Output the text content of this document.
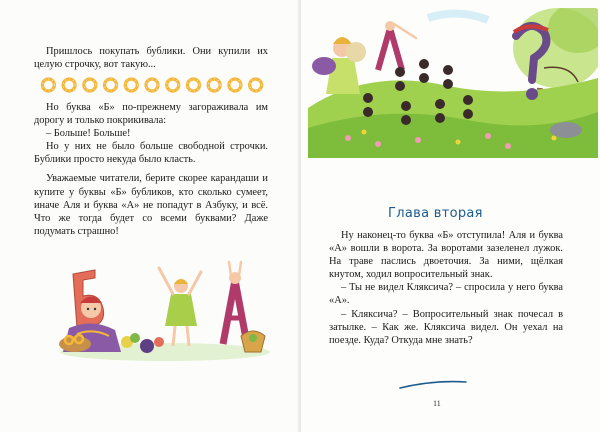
Пришлось покупать бублики. Они купили их целую строчку, вот такую...

Но буква «Б» по-прежнему загораживала им дорогу и только покрикивала:

– Больше! Больше!

Но у них не было больше свободной строчки. Бублики просто некуда было класть.

Уважаемые читатели, берите скорее карандаши и купите у буквы «Б» бубликов, кто сколько сумеет, иначе Аля и буква «А» не попадут в Азбуку, и всё. Что же тогда будет со всеми буквами? Даже подумать страшно!

Глава вторая

Ну наконец-то буква «Б» отступила! Аля и буква «А» вошли в ворота. За воротами зазеленел лужок. На траве паслись двоеточия. За ними, щёлкая кнутом, ходил вопросительный знак.

– Ты не видел Кляксича? – спросила у него буква «А».

– Кляксича? – Вопросительный знак почесал в затылке. – Как же. Кляксича видел. Он уехал на поезде. Куда? Откуда мне знать?

11
